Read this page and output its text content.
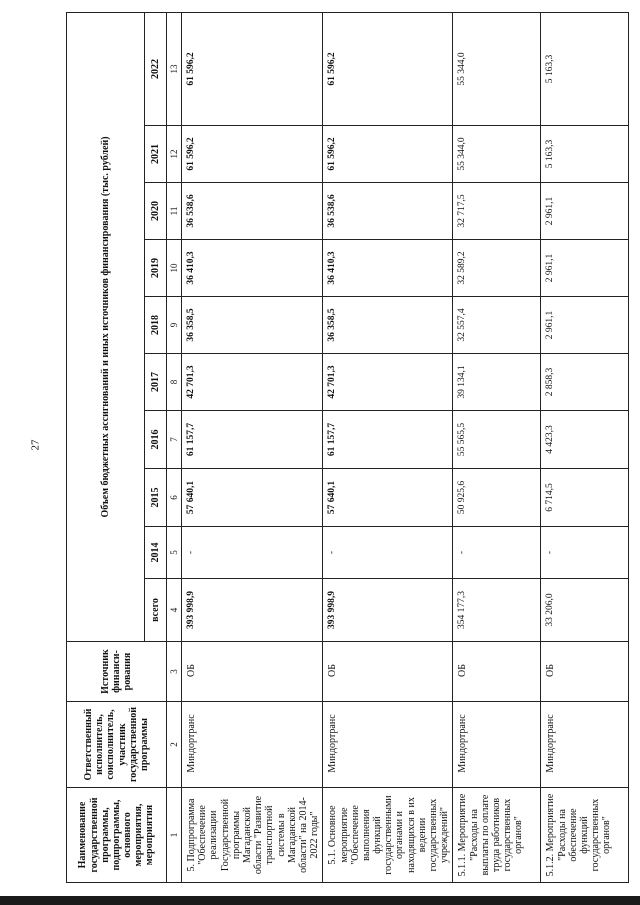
27
Наименование государственной программы, подпрограммы, основного мероприятия, мероприятия	Ответственный исполнитель, соисполнитель, участник государственной программы	Источник финанси- рования	Объем бюджетных ассигнований и иных источников финансирования (тыс. рублей)									
			всего	2014	2015	2016	2017	2018	2019	2020	2021	2022
1	2	3	4	5	6	7	8	9	10	11	12	13
5. Подпрограмма "Обеспечение реализации Государственной программы Магаданской области "Развитие транспортной системы в Магаданской области" на 2014-2022 годы"	Миндортранс	ОБ	393 998,9	-	57 640,1	61 157,7	42 701,3	36 358,5	36 410,3	36 538,6	61 596,2	61 596,2
5.1. Основное мероприятие "Обеспечение выполнения функций государственными органами и находящихся в их ведении государственных учреждений"	Миндортранс	ОБ	393 998,9	-	57 640,1	61 157,7	42 701,3	36 358,5	36 410,3	36 538,6	61 596,2	61 596,2
5.1.1. Мероприятие "Расходы на выплаты по оплате труда работников государственных органов"	Миндортранс	ОБ	354 177,3	-	50 925,6	55 565,5	39 134,1	32 557,4	32 589,2	32 717,5	55 344,0	55 344,0
5.1.2. Мероприятие "Расходы на обеспечение функций государственных органов"	Миндортранс	ОБ	33 206,0	-	6 714,5	4 423,3	2 858,3	2 961,1	2 961,1	2 961,1	5 163,3	5 163,3
